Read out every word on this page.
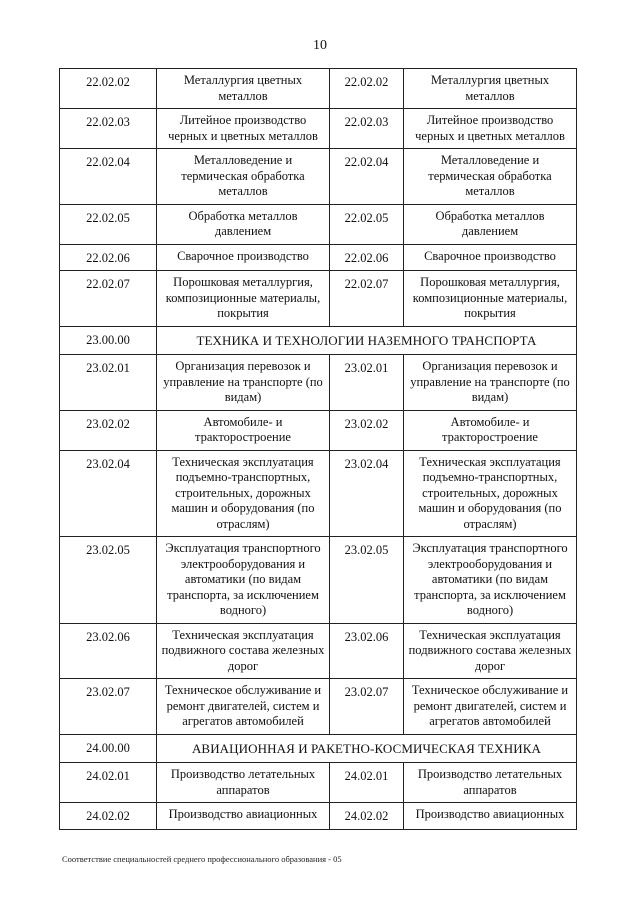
10
22.02.02	Металлургия цветных металлов	22.02.02	Металлургия цветных металлов
22.02.03	Литейное производство черных и цветных металлов	22.02.03	Литейное производство черных и цветных металлов
22.02.04	Металловедение и термическая обработка металлов	22.02.04	Металловедение и термическая обработка металлов
22.02.05	Обработка металлов давлением	22.02.05	Обработка металлов давлением
22.02.06	Сварочное производство	22.02.06	Сварочное производство
22.02.07	Порошковая металлургия, композиционные материалы, покрытия	22.02.07	Порошковая металлургия, композиционные материалы, покрытия
23.00.00	ТЕХНИКА И ТЕХНОЛОГИИ НАЗЕМНОГО ТРАНСПОРТА		
23.02.01	Организация перевозок и управление на транспорте (по видам)	23.02.01	Организация перевозок и управление на транспорте (по видам)
23.02.02	Автомобиле- и тракторостроение	23.02.02	Автомобиле- и тракторостроение
23.02.04	Техническая эксплуатация подъемно-транспортных, строительных, дорожных машин и оборудования (по отраслям)	23.02.04	Техническая эксплуатация подъемно-транспортных, строительных, дорожных машин и оборудования (по отраслям)
23.02.05	Эксплуатация транспортного электрооборудования и автоматики (по видам транспорта, за исключением водного)	23.02.05	Эксплуатация транспортного электрооборудования и автоматики (по видам транспорта, за исключением водного)
23.02.06	Техническая эксплуатация подвижного состава железных дорог	23.02.06	Техническая эксплуатация подвижного состава железных дорог
23.02.07	Техническое обслуживание и ремонт двигателей, систем и агрегатов автомобилей	23.02.07	Техническое обслуживание и ремонт двигателей, систем и агрегатов автомобилей
24.00.00	АВИАЦИОННАЯ И РАКЕТНО-КОСМИЧЕСКАЯ ТЕХНИКА		
24.02.01	Производство летательных аппаратов	24.02.01	Производство летательных аппаратов
24.02.02	Производство авиационных	24.02.02	Производство авиационных
Соответствие специальностей среднего профессионального образования - 05
